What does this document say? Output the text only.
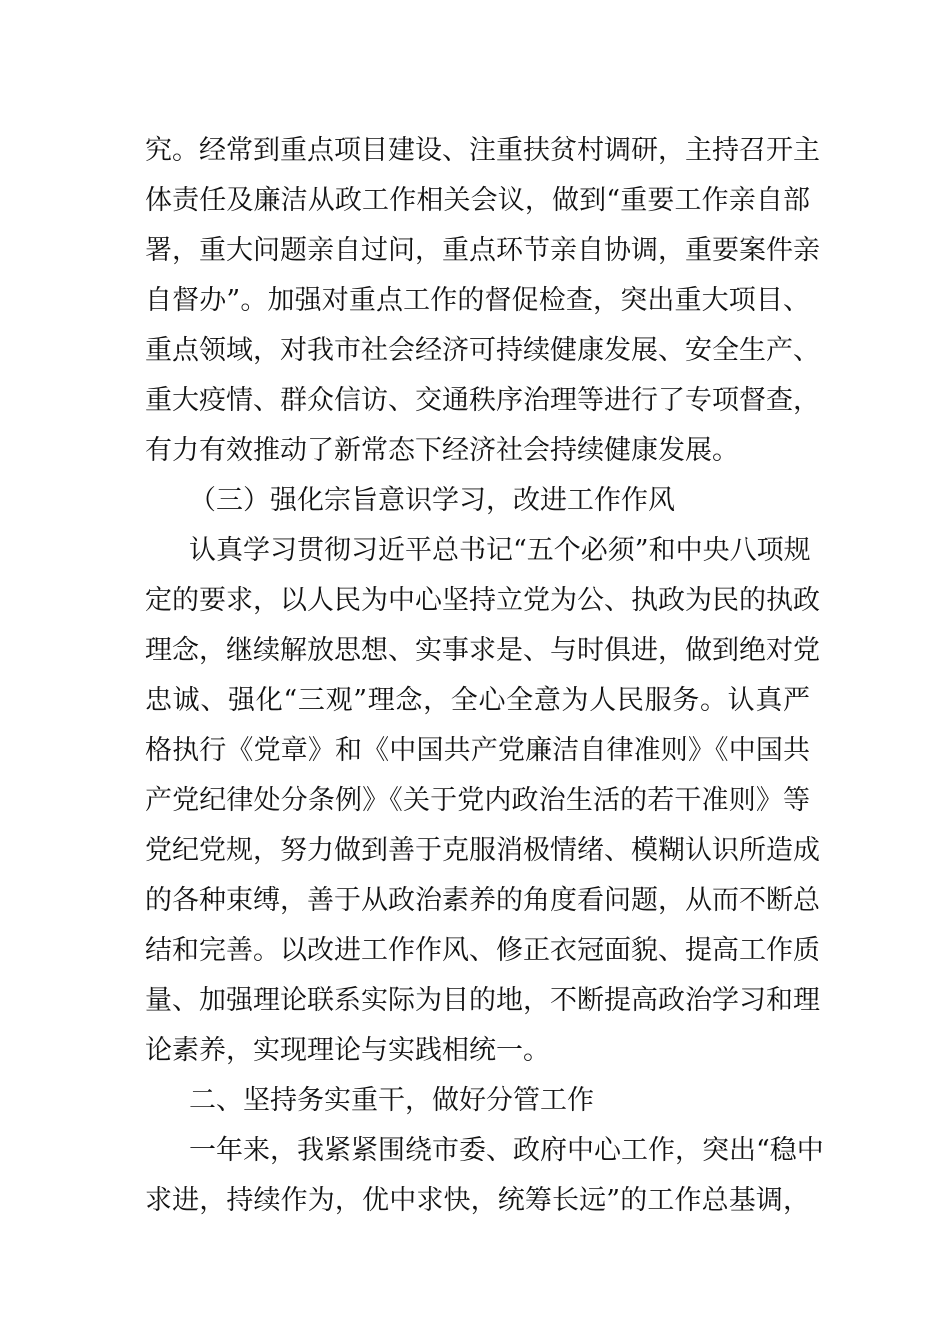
究。经常到重点项目建设、注重扶贫村调研，主持召开主
体责任及廉洁从政工作相关会议，做到“重要工作亲自部
署，重大问题亲自过问，重点环节亲自协调，重要案件亲
自督办”。加强对重点工作的督促检查，突出重大项目、
重点领域，对我市社会经济可持续健康发展、安全生产、
重大疫情、群众信访、交通秩序治理等进行了专项督查，
有力有效推动了新常态下经济社会持续健康发展。
（三）强化宗旨意识学习，改进工作作风
认真学习贯彻习近平总书记“五个必须”和中央八项规
定的要求，以人民为中心坚持立党为公、执政为民的执政
理念，继续解放思想、实事求是、与时俱进，做到绝对党
忠诚、强化“三观”理念，全心全意为人民服务。认真严
格执行《党章》和《中国共产党廉洁自律准则》《中国共
产党纪律处分条例》《关于党内政治生活的若干准则》等
党纪党规，努力做到善于克服消极情绪、模糊认识所造成
的各种束缚，善于从政治素养的角度看问题，从而不断总
结和完善。以改进工作作风、修正衣冠面貌、提高工作质
量、加强理论联系实际为目的地，不断提高政治学习和理
论素养，实现理论与实践相统一。
二、坚持务实重干，做好分管工作
一年来，我紧紧围绕市委、政府中心工作，突出“稳中
求进，持续作为，优中求快，统筹长远”的工作总基调，
